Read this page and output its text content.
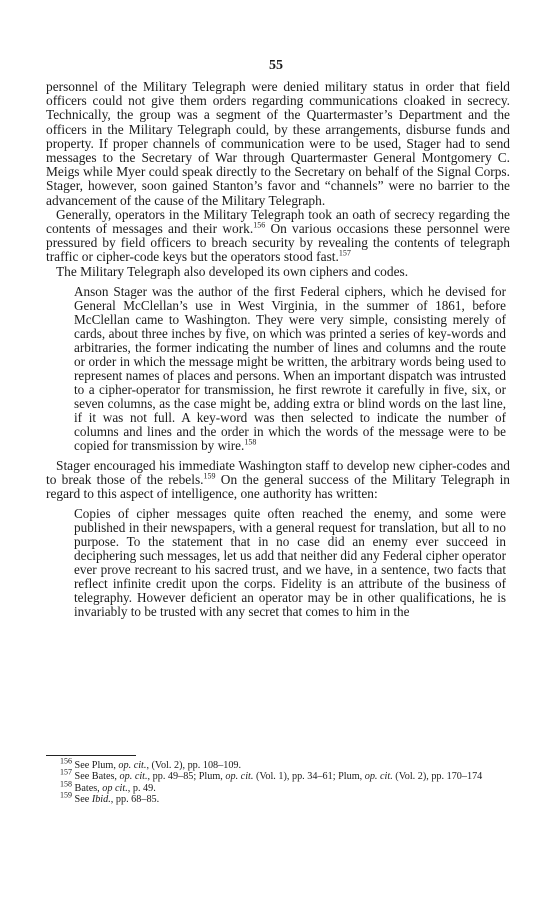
55

personnel of the Military Telegraph were denied military status in order that field officers could not give them orders regarding communications cloaked in secrecy. Technically, the group was a segment of the Quartermaster’s Department and the officers in the Military Telegraph could, by these arrangements, disburse funds and property. If proper channels of communication were to be used, Stager had to send messages to the Secretary of War through Quartermaster General Montgomery C. Meigs while Myer could speak directly to the Secretary on behalf of the Signal Corps. Stager, however, soon gained Stanton’s favor and “channels” were no barrier to the advancement of the cause of the Military Telegraph.

Generally, operators in the Military Telegraph took an oath of secrecy regarding the contents of messages and their work.$^{156}$ On various occasions these personnel were pressured by field officers to breach security by revealing the contents of telegraph traffic or cipher-code keys but the operators stood fast.$^{157}$

The Military Telegraph also developed its own ciphers and codes.

Anson Stager was the author of the first Federal ciphers, which he devised for General McClellan’s use in West Virginia, in the summer of 1861, before McClellan came to Washington. They were very simple, consisting merely of cards, about three inches by five, on which was printed a series of key-words and arbitraries, the former indicating the number of lines and columns and the route or order in which the message might be written, the arbitrary words being used to represent names of places and persons. When an important dispatch was intrusted to a cipher-operator for transmission, he first rewrote it carefully in five, six, or seven columns, as the case might be, adding extra or blind words on the last line, if it was not full. A key-word was then selected to indicate the number of columns and lines and the order in which the words of the message were to be copied for transmission by wire.$^{158}$

Stager encouraged his immediate Washington staff to develop new cipher-codes and to break those of the rebels.$^{159}$ On the general success of the Military Telegraph in regard to this aspect of intelligence, one authority has written:

Copies of cipher messages quite often reached the enemy, and some were published in their newspapers, with a general request for translation, but all to no purpose. To the statement that in no case did an enemy ever succeed in deciphering such messages, let us add that neither did any Federal cipher operator ever prove recreant to his sacred trust, and we have, in a sentence, two facts that reflect infinite credit upon the corps. Fidelity is an attribute of the business of telegraphy. However deficient an operator may be in other qualifications, he is invariably to be trusted with any secret that comes to him in the

$^{156}$ See Plum, op. cit., (Vol. 2), pp. 108–109.
$^{157}$ See Bates, op. cit., pp. 49–85; Plum, op. cit. (Vol. 1), pp. 34–61; Plum, op. cit. (Vol. 2), pp. 170–174
$^{158}$ Bates, op cit., p. 49.
$^{159}$ See Ibid., pp. 68–85.
